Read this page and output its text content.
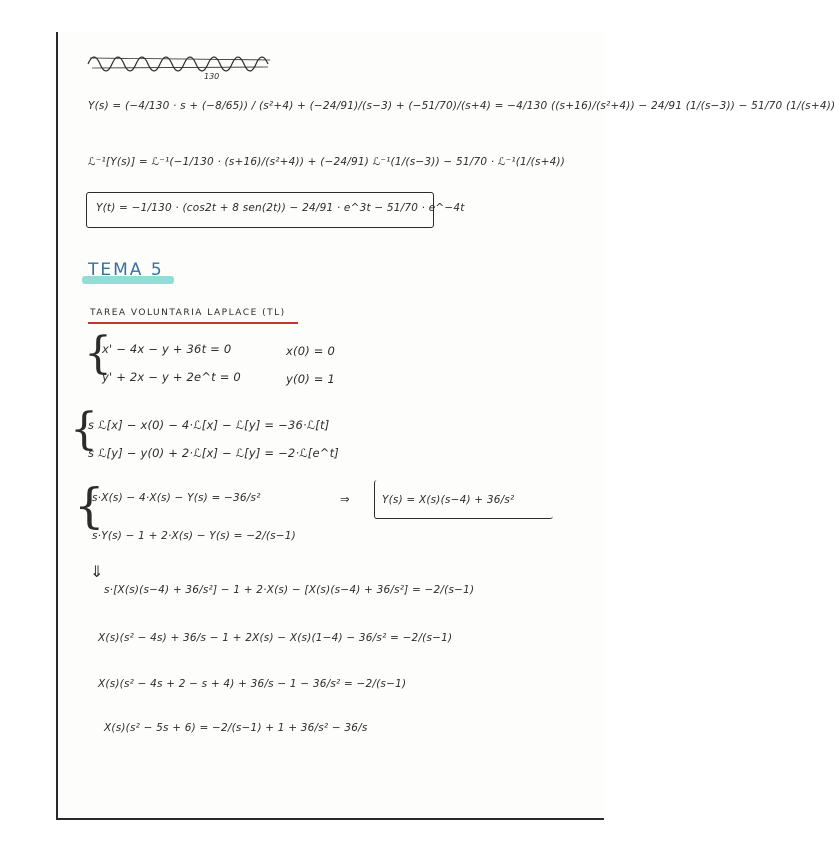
130
Y(s) = (−4/130 · s + (−8/65)) / (s²+4) + (−24/91)/(s−3) + (−51/70)/(s+4) = −4/130 ((s+16)/(s²+4)) − 24/91 (1/(s−3)) − 51/70 (1/(s+4))
ℒ⁻¹[Y(s)] = ℒ⁻¹(−1/130 · (s+16)/(s²+4)) + (−24/91) ℒ⁻¹(1/(s−3)) − 51/70 · ℒ⁻¹(1/(s+4))
Y(t) = −1/130 · (cos2t + 8 sen(2t)) − 24/91 · e^3t − 51/70 · e^−4t
TEMA 5
TAREA VOLUNTARIA LAPLACE (TL)
{
x' − 4x − y + 36t = 0	x(0) = 0
y' + 2x − y + 2e^t = 0	y(0) = 1
{
s ℒ[x] − x(0) − 4·ℒ[x] − ℒ[y] = −36·ℒ[t]
s ℒ[y] − y(0) + 2·ℒ[x] − ℒ[y] = −2·ℒ[e^t]
{
s·X(s) − 4·X(s) − Y(s) = −36/s²
s·Y(s) − 1 + 2·X(s) − Y(s) = −2/(s−1)
⇒	Y(s) = X(s)(s−4) + 36/s²
⇓
s·[X(s)(s−4) + 36/s²] − 1 + 2·X(s) − [X(s)(s−4) + 36/s²] = −2/(s−1)
X(s)(s² − 4s) + 36/s − 1 + 2X(s) − X(s)(1−4) − 36/s² = −2/(s−1)
X(s)(s² − 4s + 2 − s + 4) + 36/s − 1 − 36/s² = −2/(s−1)
X(s)(s² − 5s + 6) = −2/(s−1) + 1 + 36/s² − 36/s
